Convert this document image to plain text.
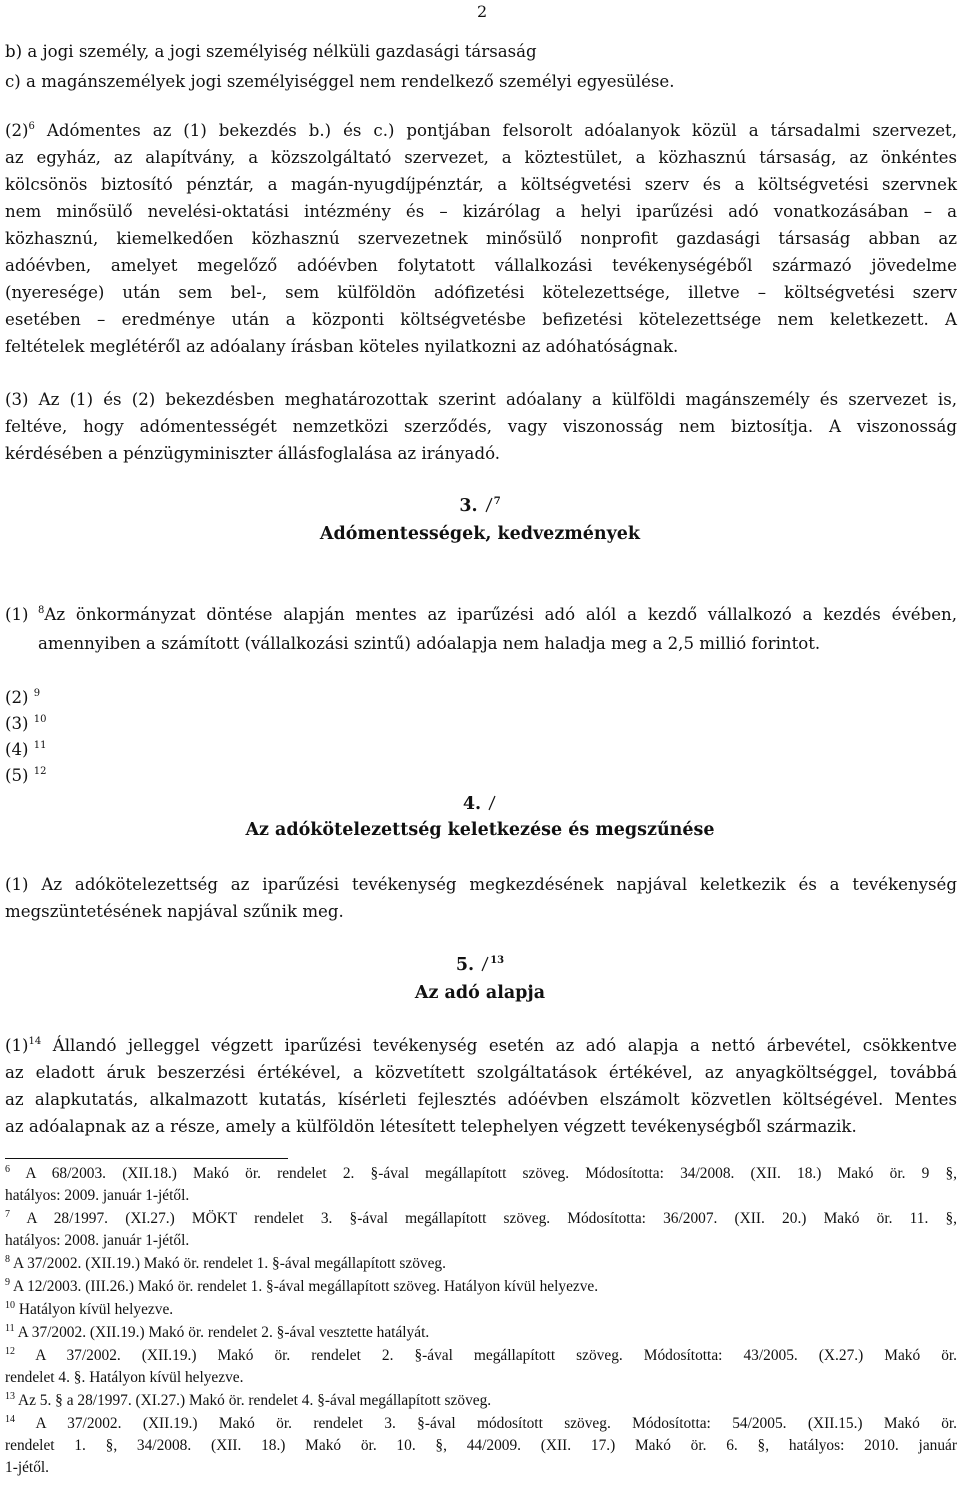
2
b) a jogi személy, a jogi személyiség nélküli gazdasági társaság
c) a magánszemélyek jogi személyiséggel nem rendelkező személyi egyesülése.
$(2)^6$ Adómentes az (1) bekezdés b.) és c.) pontjában felsorolt adóalanyok közül a társadalmi szervezet,
az egyház, az alapítvány, a közszolgáltató szervezet, a köztestület, a közhasznú társaság, az önkéntes
kölcsönös biztosító pénztár, a magán-nyugdíjpénztár, a költségvetési szerv és a költségvetési szervnek
nem minősülő nevelési-oktatási intézmény és – kizárólag a helyi iparűzési adó vonatkozásában – a
közhasznú, kiemelkedően közhasznú szervezetnek minősülő nonprofit gazdasági társaság abban az
adóévben, amelyet megelőző adóévben folytatott vállalkozási tevékenységéből származó jövedelme
(nyeresége) után sem bel-, sem külföldön adófizetési kötelezettsége, illetve – költségvetési szerv
esetében – eredménye után a központi költségvetésbe befizetési kötelezettsége nem keletkezett. A
feltételek meglétéről az adóalany írásban köteles nyilatkozni az adóhatóságnak.
(3) Az (1) és (2) bekezdésben meghatározottak szerint adóalany a külföldi magánszemély és szervezet is,
feltéve, hogy adómentességét nemzetközi szerződés, vagy viszonosság nem biztosítja. A viszonosság
kérdésében a pénzügyminiszter állásfoglalása az irányadó.
3. $^7$
Adómentességek, kedvezmények
(1) $^8$Az önkormányzat döntése alapján mentes az iparűzési adó alól a kezdő vállalkozó a kezdés évében,
amennyiben a számított (vállalkozási szintű) adóalapja nem haladja meg a 2,5 millió forintot.
(2) $^9$
(3) $^{10}$
(4) $^{11}$
(5) $^{12}$
4.
Az adókötelezettség keletkezése és megszűnése
(1) Az adókötelezettség az iparűzési tevékenység megkezdésének napjával keletkezik és a tevékenység
megszüntetésének napjával szűnik meg.
5. $^{13}$
Az adó alapja
$(1)^{14}$ Állandó jelleggel végzett iparűzési tevékenység esetén az adó alapja a nettó árbevétel, csökkentve
az eladott áruk beszerzési értékével, a közvetített szolgáltatások értékével, az anyagköltséggel, továbbá
az alapkutatás, alkalmazott kutatás, kísérleti fejlesztés adóévben elszámolt közvetlen költségével. Mentes
az adóalapnak az a része, amely a külföldön létesített telephelyen végzett tevékenységből származik.
$^6$ A 68/2003. (XII.18.) Makó ör. rendelet 2. §-ával megállapított szöveg. Módosította: 34/2008. (XII. 18.) Makó ör. 9 §,
hatályos: 2009. január 1-jétől.
$^7$ A 28/1997. (XI.27.) MÖKT rendelet 3. §-ával megállapított szöveg. Módosította: 36/2007. (XII. 20.) Makó ör. 11. §,
hatályos: 2008. január 1-jétől.
$^8$ A 37/2002. (XII.19.) Makó ör. rendelet 1. §-ával megállapított szöveg.
$^9$ A 12/2003. (III.26.) Makó ör. rendelet 1. §-ával megállapított szöveg. Hatályon kívül helyezve.
$^{10}$ Hatályon kívül helyezve.
$^{11}$ A 37/2002. (XII.19.) Makó ör. rendelet 2. §-ával vesztette hatályát.
$^{12}$ A 37/2002. (XII.19.) Makó ör. rendelet 2. §-ával megállapított szöveg. Módosította: 43/2005. (X.27.) Makó ör.
rendelet 4. §. Hatályon kívül helyezve.
$^{13}$ Az 5. § a 28/1997. (XI.27.) Makó ör. rendelet 4. §-ával megállapított szöveg.
$^{14}$ A 37/2002. (XII.19.) Makó ör. rendelet 3. §-ával módosított szöveg. Módosította: 54/2005. (XII.15.) Makó ör.
rendelet 1. §, 34/2008. (XII. 18.) Makó ör. 10. §, 44/2009. (XII. 17.) Makó ör. 6. §, hatályos: 2010. január
1-jétől.
